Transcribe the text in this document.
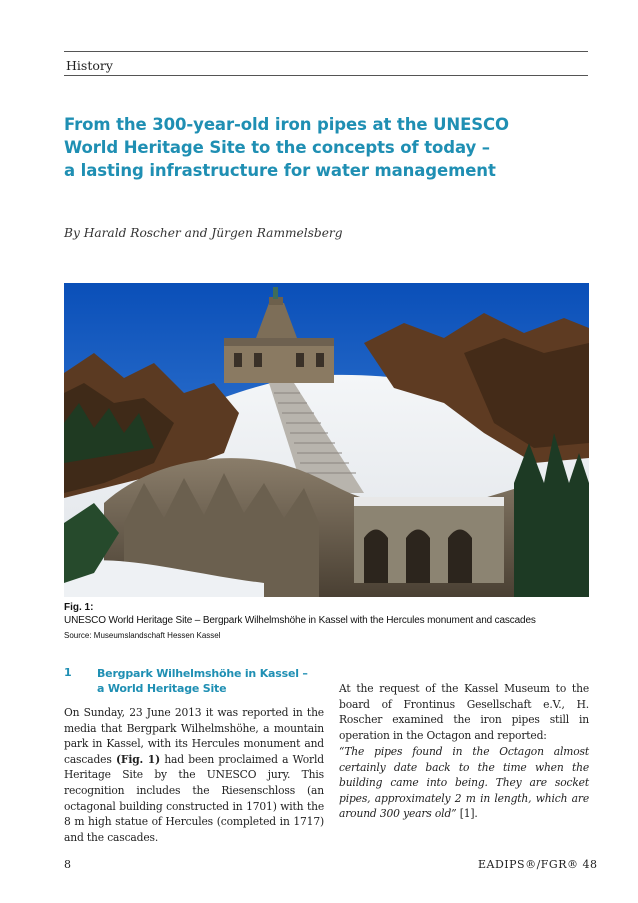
History
From the 300-year-old iron pipes at the UNESCO
World Heritage Site to the concepts of today –
a lasting infrastructure for water management
By Harald Roscher and Jürgen Rammelsberg
Fig. 1:
UNESCO World Heritage Site – Bergpark Wilhelmshöhe in Kassel with the Hercules monument and cascades
Source: Museumslandschaft Hessen Kassel
1 Bergpark Wilhelmshöhe in Kassel –
a World Heritage Site
On Sunday, 23 June 2013 it was reported in the media that Bergpark Wilhelmshöhe, a mountain park in Kassel, with its Hercules monument and cascades (Fig. 1) had been proclaimed a World Heritage Site by the UNESCO jury. This recognition includes the Riesenschloss (an octagonal building constructed in 1701) with the 8 m high statue of Hercules (completed in 1717) and the cascades.
At the request of the Kassel Museum to the board of Frontinus Gesellschaft e.V., H. Roscher examined the iron pipes still in operation in the Octagon and reported:
“The pipes found in the Octagon almost certainly date back to the time when the building came into being. They are socket pipes, approximately 2 m in length, which are around 300 years old” [1].
8	EADIPS®/FGR® 48
